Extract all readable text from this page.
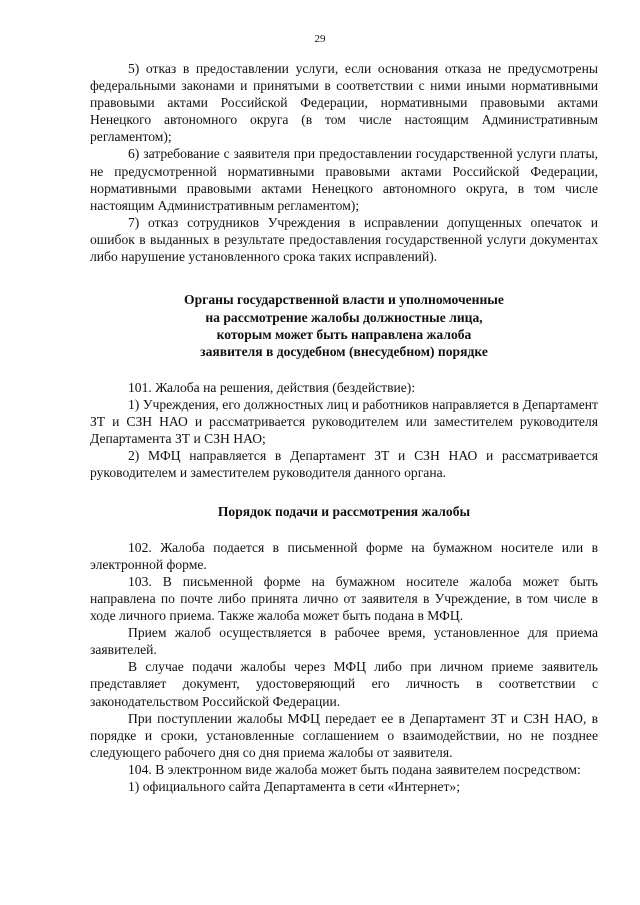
29

5) отказ в предоставлении услуги, если основания отказа не предусмотрены федеральными законами и принятыми в соответствии с ними иными нормативными правовыми актами Российской Федерации, нормативными правовыми актами Ненецкого автономного округа (в том числе настоящим Административным регламентом);

6) затребование с заявителя при предоставлении государственной услуги платы, не предусмотренной нормативными правовыми актами Российской Федерации, нормативными правовыми актами Ненецкого автономного округа, в том числе настоящим Административным регламентом);

7) отказ сотрудников Учреждения в исправлении допущенных опечаток и ошибок в выданных в результате предоставления государственной услуги документах либо нарушение установленного срока таких исправлений).

Органы государственной власти и уполномоченные

на рассмотрение жалобы должностные лица,

которым может быть направлена жалоба

заявителя в досудебном (внесудебном) порядке

101. Жалоба на решения, действия (бездействие):

1) Учреждения, его должностных лиц и работников направляется в Департамент ЗТ и СЗН НАО и рассматривается руководителем или заместителем руководителя Департамента ЗТ и СЗН НАО;

2) МФЦ направляется в Департамент ЗТ и СЗН НАО и рассматривается руководителем и заместителем руководителя данного органа.

Порядок подачи и рассмотрения жалобы

102. Жалоба подается в письменной форме на бумажном носителе или в электронной форме.

103. В письменной форме на бумажном носителе жалоба может быть направлена по почте либо принята лично от заявителя в Учреждение, в том числе в ходе личного приема. Также жалоба может быть подана в МФЦ.

Прием жалоб осуществляется в рабочее время, установленное для приема заявителей.

В случае подачи жалобы через МФЦ либо при личном приеме заявитель представляет документ, удостоверяющий его личность в соответствии с законодательством Российской Федерации.

При поступлении жалобы МФЦ передает ее в Департамент ЗТ и СЗН НАО, в порядке и сроки, установленные соглашением о взаимодействии, но не позднее следующего рабочего дня со дня приема жалобы от заявителя.

104. В электронном виде жалоба может быть подана заявителем посредством:

1) официального сайта Департамента в сети «Интернет»;
